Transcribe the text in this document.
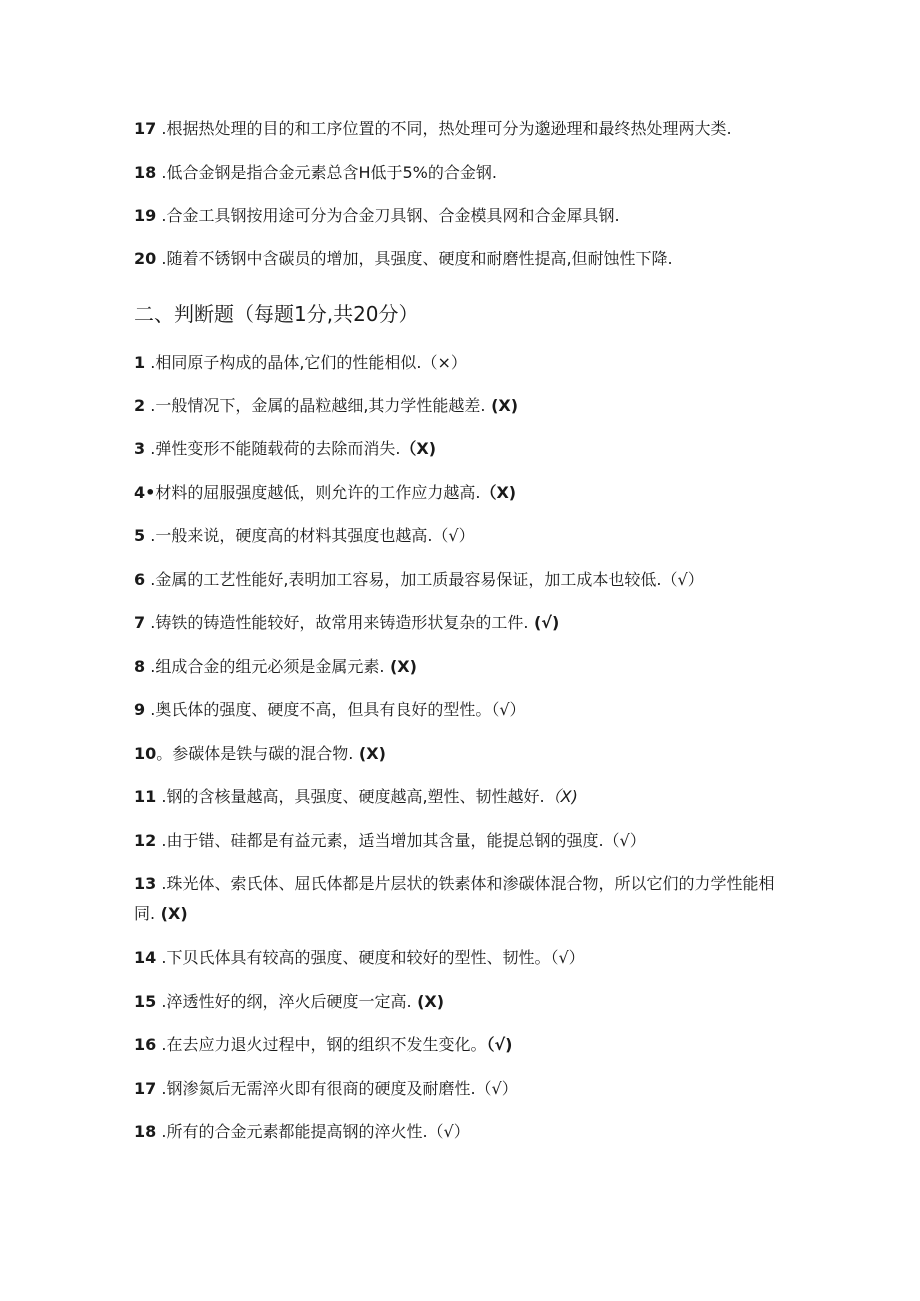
17 .根据热处理的目的和工序位置的不同，热处理可分为邈逊理和最终热处理两大类.
18 .低合金钢是指合金元素总含H低于5%的合金钢.
19 .合金工具钢按用途可分为合金刀具钢、合金模具网和合金犀具钢.
20 .随着不锈钢中含碳员的增加，具强度、硬度和耐磨性提高,但耐蚀性下降.
二、判断题（每题1分,共20分）
1 .相同原子构成的晶体,它们的性能相似.（×）
2 .一般情况下，金属的晶粒越细,其力学性能越差. (X)
3 .弹性变形不能随载荷的去除而消失.（X)
4•材料的屈服强度越低，则允许的工作应力越高.（X)
5 .一般来说，硬度高的材料其强度也越高.（√）
6 .金属的工艺性能好,表明加工容易，加工质最容易保证，加工成本也较低.（√）
7 .铸铁的铸造性能较好，故常用来铸造形状复杂的工件. (√)
8 .组成合金的组元必须是金属元素. (X)
9 .奥氏体的强度、硬度不高，但具有良好的型性。（√）
10。参碳体是铁与碳的混合物. (X)
11 .钢的含核量越高，具强度、硬度越高,塑性、韧性越好.（X)
12 .由于错、硅都是有益元素，适当增加其含量，能提总钢的强度.（√）
13 .珠光体、索氏体、屈氏体都是片层状的铁素体和渗碳体混合物，所以它们的力学性能相同. (X)
14 .下贝氏体具有较高的强度、硬度和较好的型性、韧性。（√）
15 .淬透性好的纲，淬火后硬度一定高. (X)
16 .在去应力退火过程中，钢的组织不发生变化。（√)
17 .钢渗氮后无需淬火即有很商的硬度及耐磨性.（√）
18 .所有的合金元素都能提高钢的淬火性.（√）
